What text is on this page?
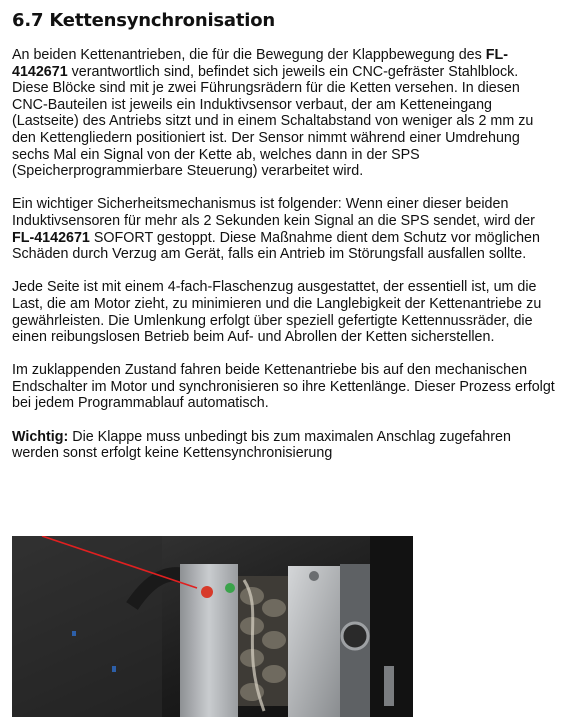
6.7 Kettensynchronisation

An beiden Kettenantrieben, die für die Bewegung der Klappbewegung des FL-4142671 verantwortlich sind, befindet sich jeweils ein CNC-gefräster Stahlblock. Diese Blöcke sind mit je zwei Führungsrädern für die Ketten versehen. In diesen CNC-Bauteilen ist jeweils ein Induktivsensor verbaut, der am Ketteneingang (Lastseite) des Antriebs sitzt und in einem Schaltabstand von weniger als 2 mm zu den Kettengliedern positioniert ist. Der Sensor nimmt während einer Umdrehung sechs Mal ein Signal von der Kette ab, welches dann in der SPS (Speicherprogrammierbare Steuerung) verarbeitet wird.

Ein wichtiger Sicherheitsmechanismus ist folgender: Wenn einer dieser beiden Induktivsensoren für mehr als 2 Sekunden kein Signal an die SPS sendet, wird der FL-4142671 SOFORT gestoppt. Diese Maßnahme dient dem Schutz vor möglichen Schäden durch Verzug am Gerät, falls ein Antrieb im Störungsfall ausfallen sollte.

Jede Seite ist mit einem 4-fach-Flaschenzug ausgestattet, der essentiell ist, um die Last, die am Motor zieht, zu minimieren und die Langlebigkeit der Kettenantriebe zu gewährleisten. Die Umlenkung erfolgt über speziell gefertigte Kettennussräder, die einen reibungslosen Betrieb beim Auf- und Abrollen der Ketten sicherstellen.

Im zuklappenden Zustand fahren beide Kettenantriebe bis auf den mechanischen Endschalter im Motor und synchronisieren so ihre Kettenlänge. Dieser Prozess erfolgt bei jedem Programmablauf automatisch.

Wichtig: Die Klappe muss unbedingt bis zum maximalen Anschlag zugefahren werden sonst erfolgt keine Kettensynchronisierung
